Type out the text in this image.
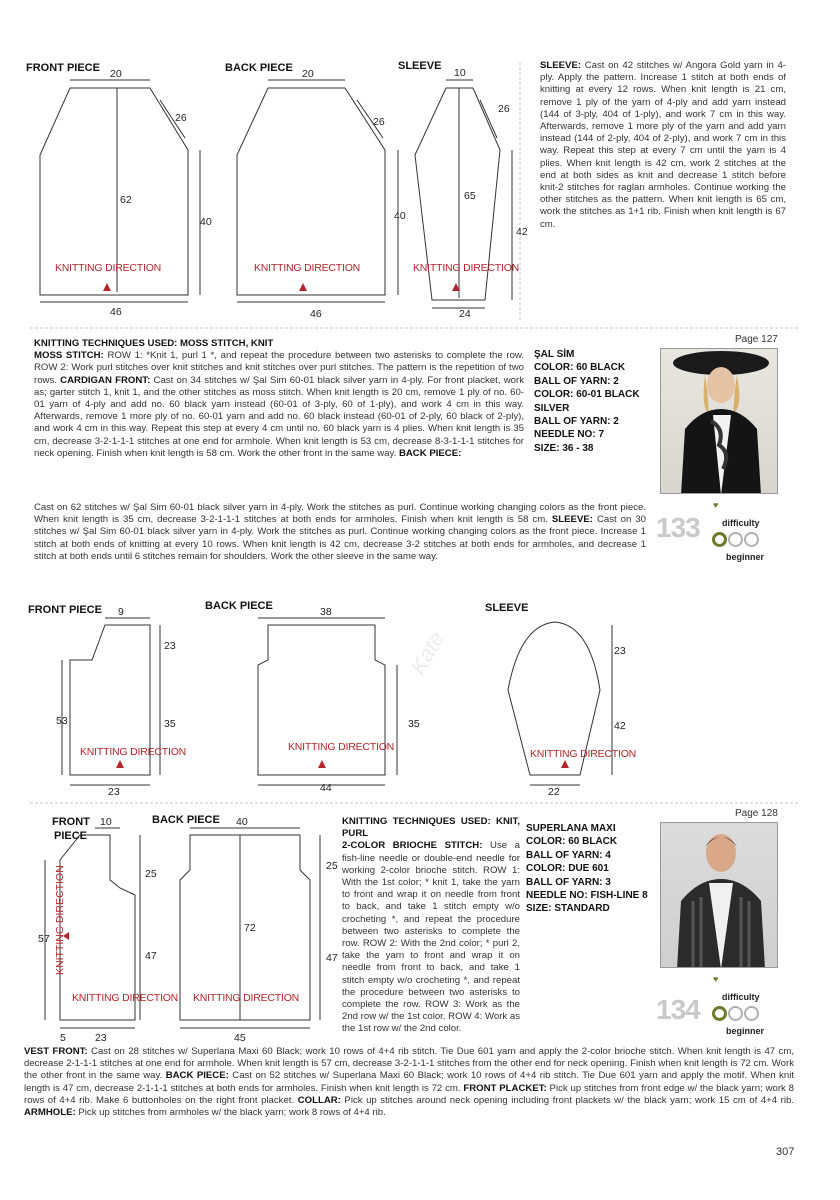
FRONT PIECE	BACK PIECE	SLEEVE
20
26
62
40
46
KNITTING DIRECTION
20
26
40
46
KNITTING DIRECTION
10
26
65
42
24
KNITTING DIRECTION
SLEEVE: Cast on 42 stitches w/ Angora Gold yarn in 4-ply. Apply the pattern. Increase 1 stitch at both ends of knitting at every 12 rows. When knit length is 21 cm, remove 1 ply of the yarn of 4-ply and add yarn instead (144 of 3-ply, 404 of 1-ply), and work 7 cm in this way. Afterwards, remove 1 more ply of the yarn and add yarn instead (144 of 2-ply, 404 of 2-ply), and work 7 cm in this way. Repeat this step at every 7 cm until the yarn is 4 plies. When knit length is 42 cm, work 2 stitches at the end at both sides as knit and decrease 1 stitch before knit-2 stitches for raglan armholes. Continue working the other stitches as the pattern. When knit length is 65 cm, work the stitches as 1+1 rib. Finish when knit length is 67 cm.
KNITTING TECHNIQUES USED: MOSS STITCH, KNIT
MOSS STITCH: ROW 1: *Knit 1, purl 1 *, and repeat the procedure between two asterisks to complete the row. ROW 2: Work purl stitches over knit stitches and knit stitches over purl stitches. The pattern is the repetition of two rows. CARDIGAN FRONT: Cast on 34 stitches w/ Şal Sim 60-01 black silver yarn in 4-ply. For front placket, work as; garter stitch 1, knit 1, and the other stitches as moss stitch. When knit length is 20 cm, remove 1 ply of no. 60-01 yarn of 4-ply and add no. 60 black yarn instead (60-01 of 3-ply, 60 of 1-ply), and work 4 cm in this way. Afterwards, remove 1 more ply of no. 60-01 yarn and add no. 60 black instead (60-01 of 2-ply, 60 black of 2-ply), and work 4 cm in this way. Repeat this step at every 4 cm until no. 60 black yarn is 4 plies. When knit length is 35 cm, decrease 3-2-1-1-1 stitches at one end for armhole. When knit length is 53 cm, decrease 8-3-1-1-1 stitches for neck opening. Finish when knit length is 58 cm. Work the other front in the same way. BACK PIECE:
Cast on 62 stitches w/ Şal Sim 60-01 black silver yarn in 4-ply. Work the stitches as purl. Continue working changing colors as the front piece. When knit length is 35 cm, decrease 3-2-1-1-1 stitches at both ends for armholes. Finish when knit length is 58 cm. SLEEVE: Cast on 30 stitches w/ Şal Sim 60-01 black silver yarn in 4-ply. Work the stitches as purl. Continue working changing colors as the front piece. Increase 1 stitch at both ends of knitting at every 10 rows. When knit length is 42 cm, decrease 3-2 stitches at both ends for armholes, and decrease 1 stitch at both ends until 6 stitches remain for shoulders. Work the other sleeve in the same way.
ŞAL SİM
COLOR: 60 BLACK
BALL OF YARN: 2
COLOR: 60-01 BLACK
SILVER
BALL OF YARN: 2
NEEDLE NO: 7
SIZE: 36 - 38
Page 127
♥
133 difficulty
beginner
FRONT PIECE	BACK PIECE	SLEEVE
9
23
53	35
23
KNITTING DIRECTION
38
35
44
KNITTING DIRECTION
23
42
22
KNITTING DIRECTION
Kate
FRONT
PIECE
BACK PIECE
10
25
57
47
5	23
KNITTING DIRECTION
KNITTING DIRECTION
40
25
72
47
45
KNITTING DIRECTION
KNITTING TECHNIQUES USED: KNIT, PURL
2-COLOR BRIOCHE STITCH: Use a fish-line needle or double-end needle for working 2-color brioche stitch. ROW 1: With the 1st color; * knit 1, take the yarn to front and wrap it on needle from front to back, and take 1 stitch empty w/o crocheting *, and repeat the procedure between two asterisks to complete the row. ROW 2: With the 2nd color; * purl 2, take the yarn to front and wrap it on needle from front to back, and take 1 stitch empty w/o crocheting *, and repeat the procedure between two asterisks to complete the row. ROW 3: Work as the 2nd row w/ the 1st color. ROW 4: Work as the 1st row w/ the 2nd color.
VEST FRONT: Cast on 28 stitches w/ Superlana Maxi 60 Black; work 10 rows of 4+4 rib stitch. Tie Due 601 yarn and apply the 2-color brioche stitch. When knit length is 47 cm, decrease 2-1-1-1 stitches at one end for armhole. When knit length is 57 cm, decrease 3-2-1-1-1 stitches from the other end for neck opening. Finish when knit length is 72 cm. Work the other front in the same way. BACK PIECE: Cast on 52 stitches w/ Superlana Maxi 60 Black; work 10 rows of 4+4 rib stitch. Tie Due 601 yarn and apply the motif. When knit length is 47 cm, decrease 2-1-1-1 stitches at both ends for armholes. Finish when knit length is 72 cm. FRONT PLACKET: Pick up stitches from front edge w/ the black yarn; work 8 rows of 4+4 rib. Make 6 buttonholes on the right front placket. COLLAR: Pick up stitches around neck opening including front plackets w/ the black yarn; work 15 cm of 4+4 rib. ARMHOLE: Pick up stitches from armholes w/ the black yarn; work 8 rows of 4+4 rib.
SUPERLANA MAXI
COLOR: 60 BLACK
BALL OF YARN: 4
COLOR: DUE 601
BALL OF YARN: 3
NEEDLE NO: FISH-LINE 8
SIZE: STANDARD
Page 128
♥
134 difficulty
beginner
307
